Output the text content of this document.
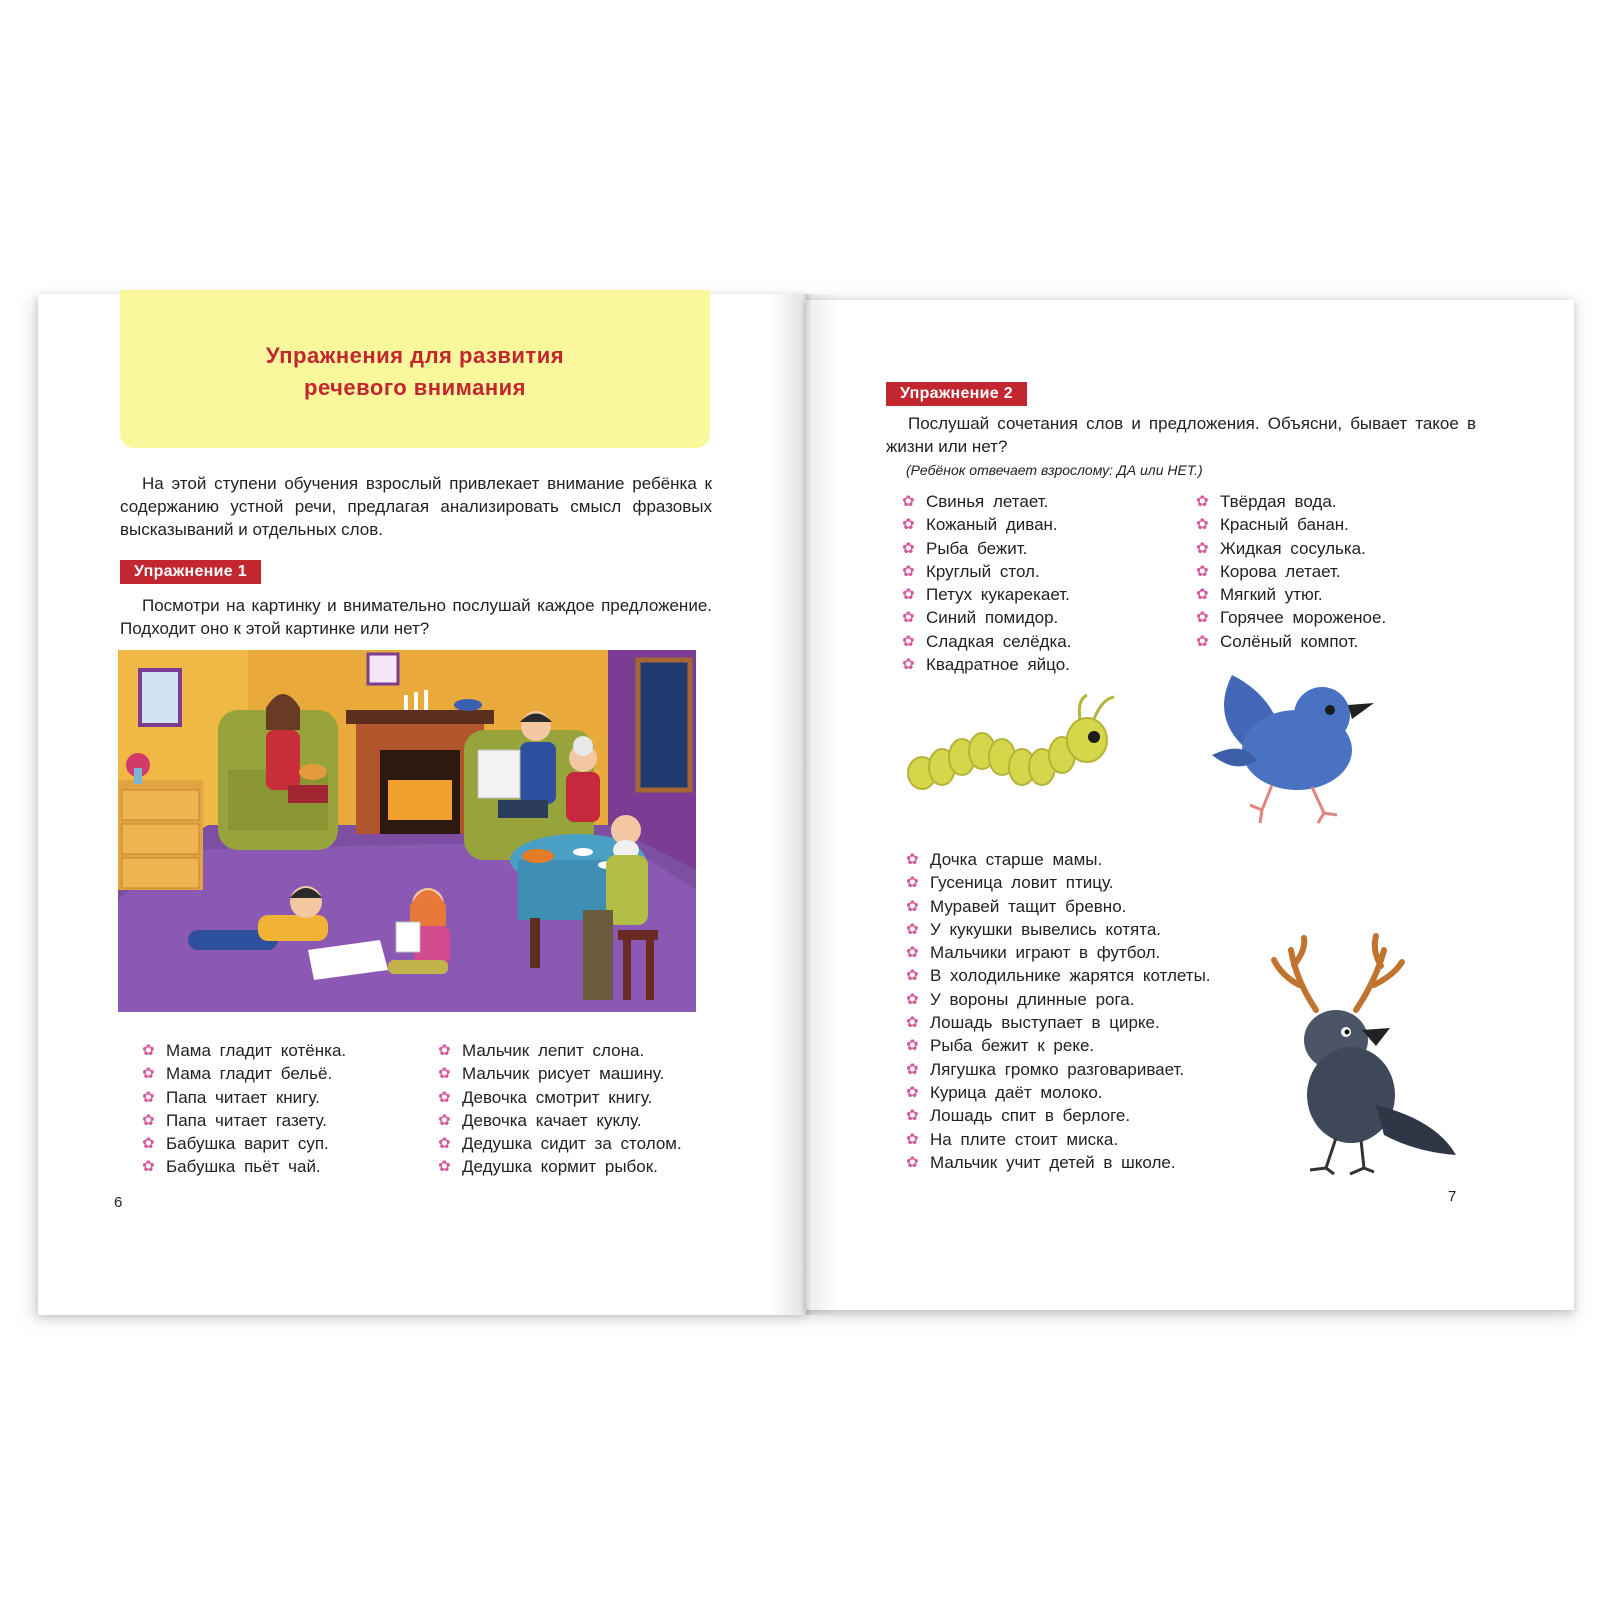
Упражнения для развития
речевого внимания
На этой ступени обучения взрослый привлекает внимание ребёнка к содержанию устной речи, предлагая анализировать смысл фразовых высказываний и отдельных слов.
Упражнение 1
Посмотри на картинку и внимательно послушай каждое предложение. Подходит оно к этой картинке или нет?
✿ Мама гладит котёнка.
✿ Мама гладит бельё.
✿ Папа читает книгу.
✿ Папа читает газету.
✿ Бабушка варит суп.
✿ Бабушка пьёт чай.
✿ Мальчик лепит слона.
✿ Мальчик рисует машину.
✿ Девочка смотрит книгу.
✿ Девочка качает куклу.
✿ Дедушка сидит за столом.
✿ Дедушка кормит рыбок.
6
Упражнение 2
Послушай сочетания слов и предложения. Объясни, бывает такое в жизни или нет?
(Ребёнок отвечает взрослому: ДА или НЕТ.)
✿ Свинья летает.
✿ Кожаный диван.
✿ Рыба бежит.
✿ Круглый стол.
✿ Петух кукарекает.
✿ Синий помидор.
✿ Сладкая селёдка.
✿ Квадратное яйцо.
✿ Твёрдая вода.
✿ Красный банан.
✿ Жидкая сосулька.
✿ Корова летает.
✿ Мягкий утюг.
✿ Горячее мороженое.
✿ Солёный компот.
✿ Дочка старше мамы.
✿ Гусеница ловит птицу.
✿ Муравей тащит бревно.
✿ У кукушки вывелись котята.
✿ Мальчики играют в футбол.
✿ В холодильнике жарятся котлеты.
✿ У вороны длинные рога.
✿ Лошадь выступает в цирке.
✿ Рыба бежит к реке.
✿ Лягушка громко разговаривает.
✿ Курица даёт молоко.
✿ Лошадь спит в берлоге.
✿ На плите стоит миска.
✿ Мальчик учит детей в школе.
7
